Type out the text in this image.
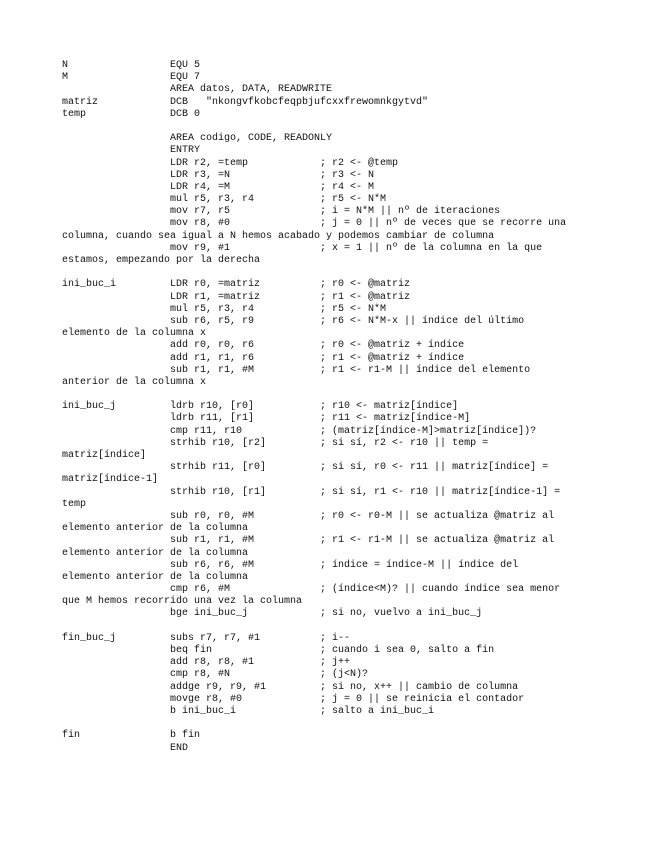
N                 EQU 5
M                 EQU 7
AREA datos, DATA, READWRITE
matriz            DCB   "nkongvfkobcfeqpbjufcxxfrewomnkgytvd"
temp              DCB 0
AREA codigo, CODE, READONLY
ENTRY
LDR r2, =temp            ; r2 <- @temp
LDR r3, =N               ; r3 <- N
LDR r4, =M               ; r4 <- M
mul r5, r3, r4           ; r5 <- N*M
mov r7, r5               ; i = N*M || nº de iteraciones
mov r8, #0               ; j = 0 || nº de veces que se recorre una
columna, cuando sea igual a N hemos acabado y podemos cambiar de columna
mov r9, #1               ; x = 1 || nº de la columna en la que
estamos, empezando por la derecha
ini_buc_i         LDR r0, =matriz          ; r0 <- @matriz
LDR r1, =matriz          ; r1 <- @matriz
mul r5, r3, r4           ; r5 <- N*M
sub r6, r5, r9           ; r6 <- N*M-x || índice del último
elemento de la columna x
add r0, r0, r6           ; r0 <- @matriz + índice
add r1, r1, r6           ; r1 <- @matriz + índice
sub r1, r1, #M           ; r1 <- r1-M || índice del elemento
anterior de la columna x
ini_buc_j         ldrb r10, [r0]           ; r10 <- matriz[índice]
ldrb r11, [r1]           ; r11 <- matriz[índice-M]
cmp r11, r10             ; (matriz[índice-M]>matriz[índice])?
strhib r10, [r2]         ; si sí, r2 <- r10 || temp =
matriz[índice]
strhib r11, [r0]         ; si sí, r0 <- r11 || matriz[índice] =
matriz[índice-1]
strhib r10, [r1]         ; si sí, r1 <- r10 || matriz[índice-1] =
temp
sub r0, r0, #M           ; r0 <- r0-M || se actualiza @matriz al
elemento anterior de la columna
sub r1, r1, #M           ; r1 <- r1-M || se actualiza @matriz al
elemento anterior de la columna
sub r6, r6, #M           ; índice = índice-M || índice del
elemento anterior de la columna
cmp r6, #M               ; (índice<M)? || cuando índice sea menor
que M hemos recorrido una vez la columna
bge ini_buc_j            ; si no, vuelvo a ini_buc_j
fin_buc_j         subs r7, r7, #1          ; i--
beq fin                  ; cuando i sea 0, salto a fin
add r8, r8, #1           ; j++
cmp r8, #N               ; (j<N)?
addge r9, r9, #1         ; si no, x++ || cambio de columna
movge r8, #0             ; j = 0 || se reinicia el contador
b ini_buc_i              ; salto a ini_buc_i
fin               b fin
END
